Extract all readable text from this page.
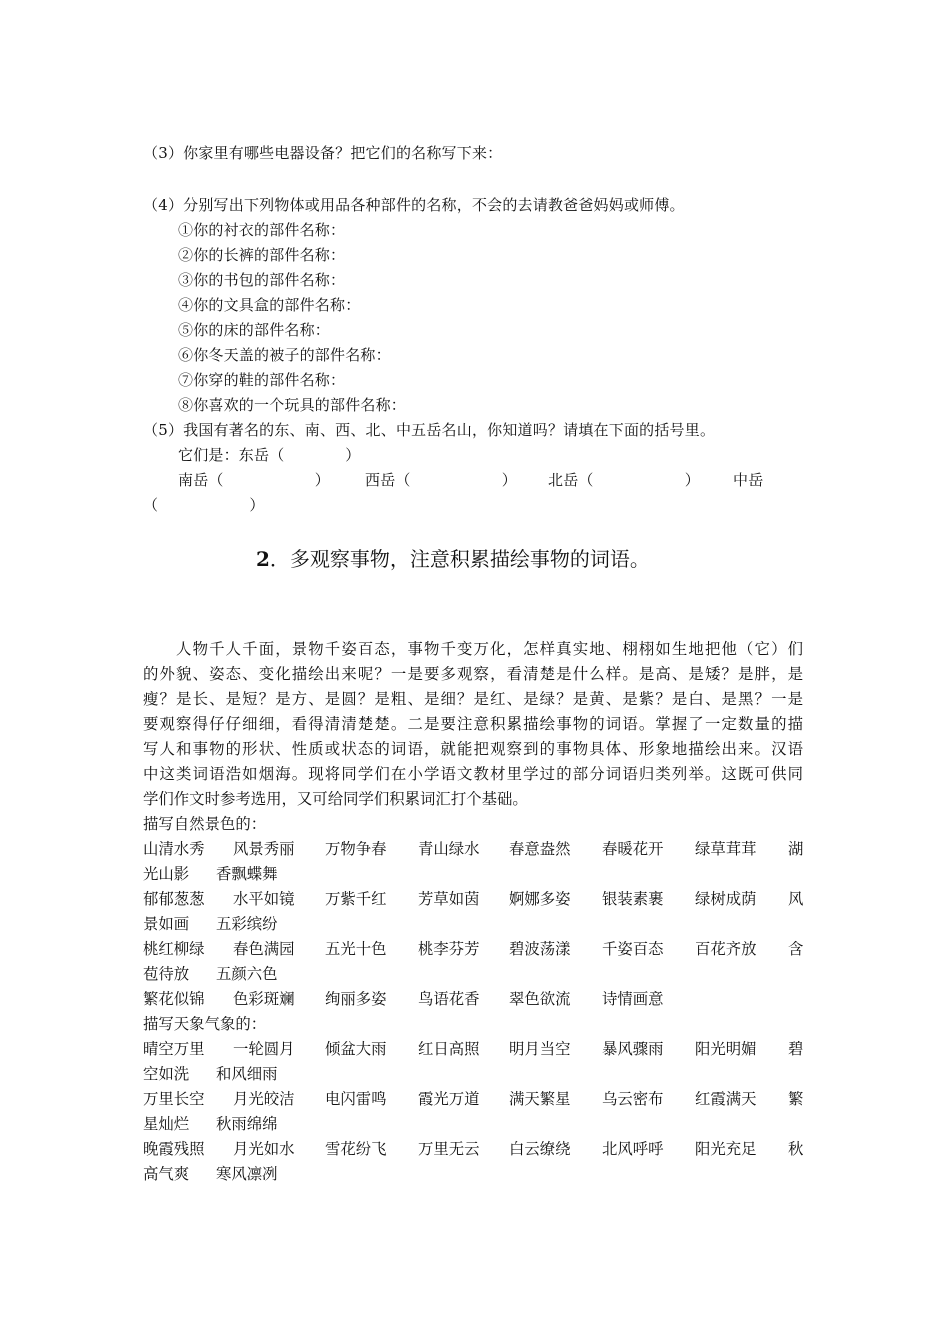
（3）你家里有哪些电器设备？把它们的名称写下来：
（4）分别写出下列物体或用品各种部件的名称，不会的去请教爸爸妈妈或师傅。
①你的衬衣的部件名称：
②你的长裤的部件名称：
③你的书包的部件名称：
④你的文具盒的部件名称：
⑤你的床的部件名称：
⑥你冬天盖的被子的部件名称：
⑦你穿的鞋的部件名称：
⑧你喜欢的一个玩具的部件名称：
（5）我国有著名的东、南、西、北、中五岳名山，你知道吗？请填在下面的括号里。
它们是：东岳（　　　　）
南岳（　　　　　　） 西岳（　　　　　　） 北岳（　　　　　　） 中岳
（　　　　　　）
2．多观察事物，注意积累描绘事物的词语。
　　人物千人千面，景物千姿百态，事物千变万化，怎样真实地、栩栩如生地把他（它）们
的外貌、姿态、变化描绘出来呢？一是要多观察，看清楚是什么样。是高、是矮？是胖，是
瘦？是长、是短？是方、是圆？是粗、是细？是红、是绿？是黄、是紫？是白、是黑？一是
要观察得仔仔细细，看得清清楚楚。二是要注意积累描绘事物的词语。掌握了一定数量的描
写人和事物的形状、性质或状态的词语，就能把观察到的事物具体、形象地描绘出来。汉语
中这类词语浩如烟海。现将同学们在小学语文教材里学过的部分词语归类列举。这既可供同
学们作文时参考选用，又可给同学们积累词汇打个基础。
描写自然景色的：
山清水秀 风景秀丽 万物争春 青山绿水 春意盎然 春暖花开 绿草茸茸 湖
光山影 香飘蝶舞
郁郁葱葱 水平如镜 万紫千红 芳草如茵 婀娜多姿 银装素裹 绿树成荫 风
景如画 五彩缤纷
桃红柳绿 春色满园 五光十色 桃李芬芳 碧波荡漾 千姿百态 百花齐放 含
苞待放 五颜六色
繁花似锦 色彩斑斓 绚丽多姿 鸟语花香 翠色欲流 诗情画意
描写天象气象的：
晴空万里 一轮圆月 倾盆大雨 红日高照 明月当空 暴风骤雨 阳光明媚 碧
空如洗 和风细雨
万里长空 月光皎洁 电闪雷鸣 霞光万道 满天繁星 乌云密布 红霞满天 繁
星灿烂 秋雨绵绵
晚霞残照 月光如水 雪花纷飞 万里无云 白云缭绕 北风呼呼 阳光充足 秋
高气爽 寒风凛冽
